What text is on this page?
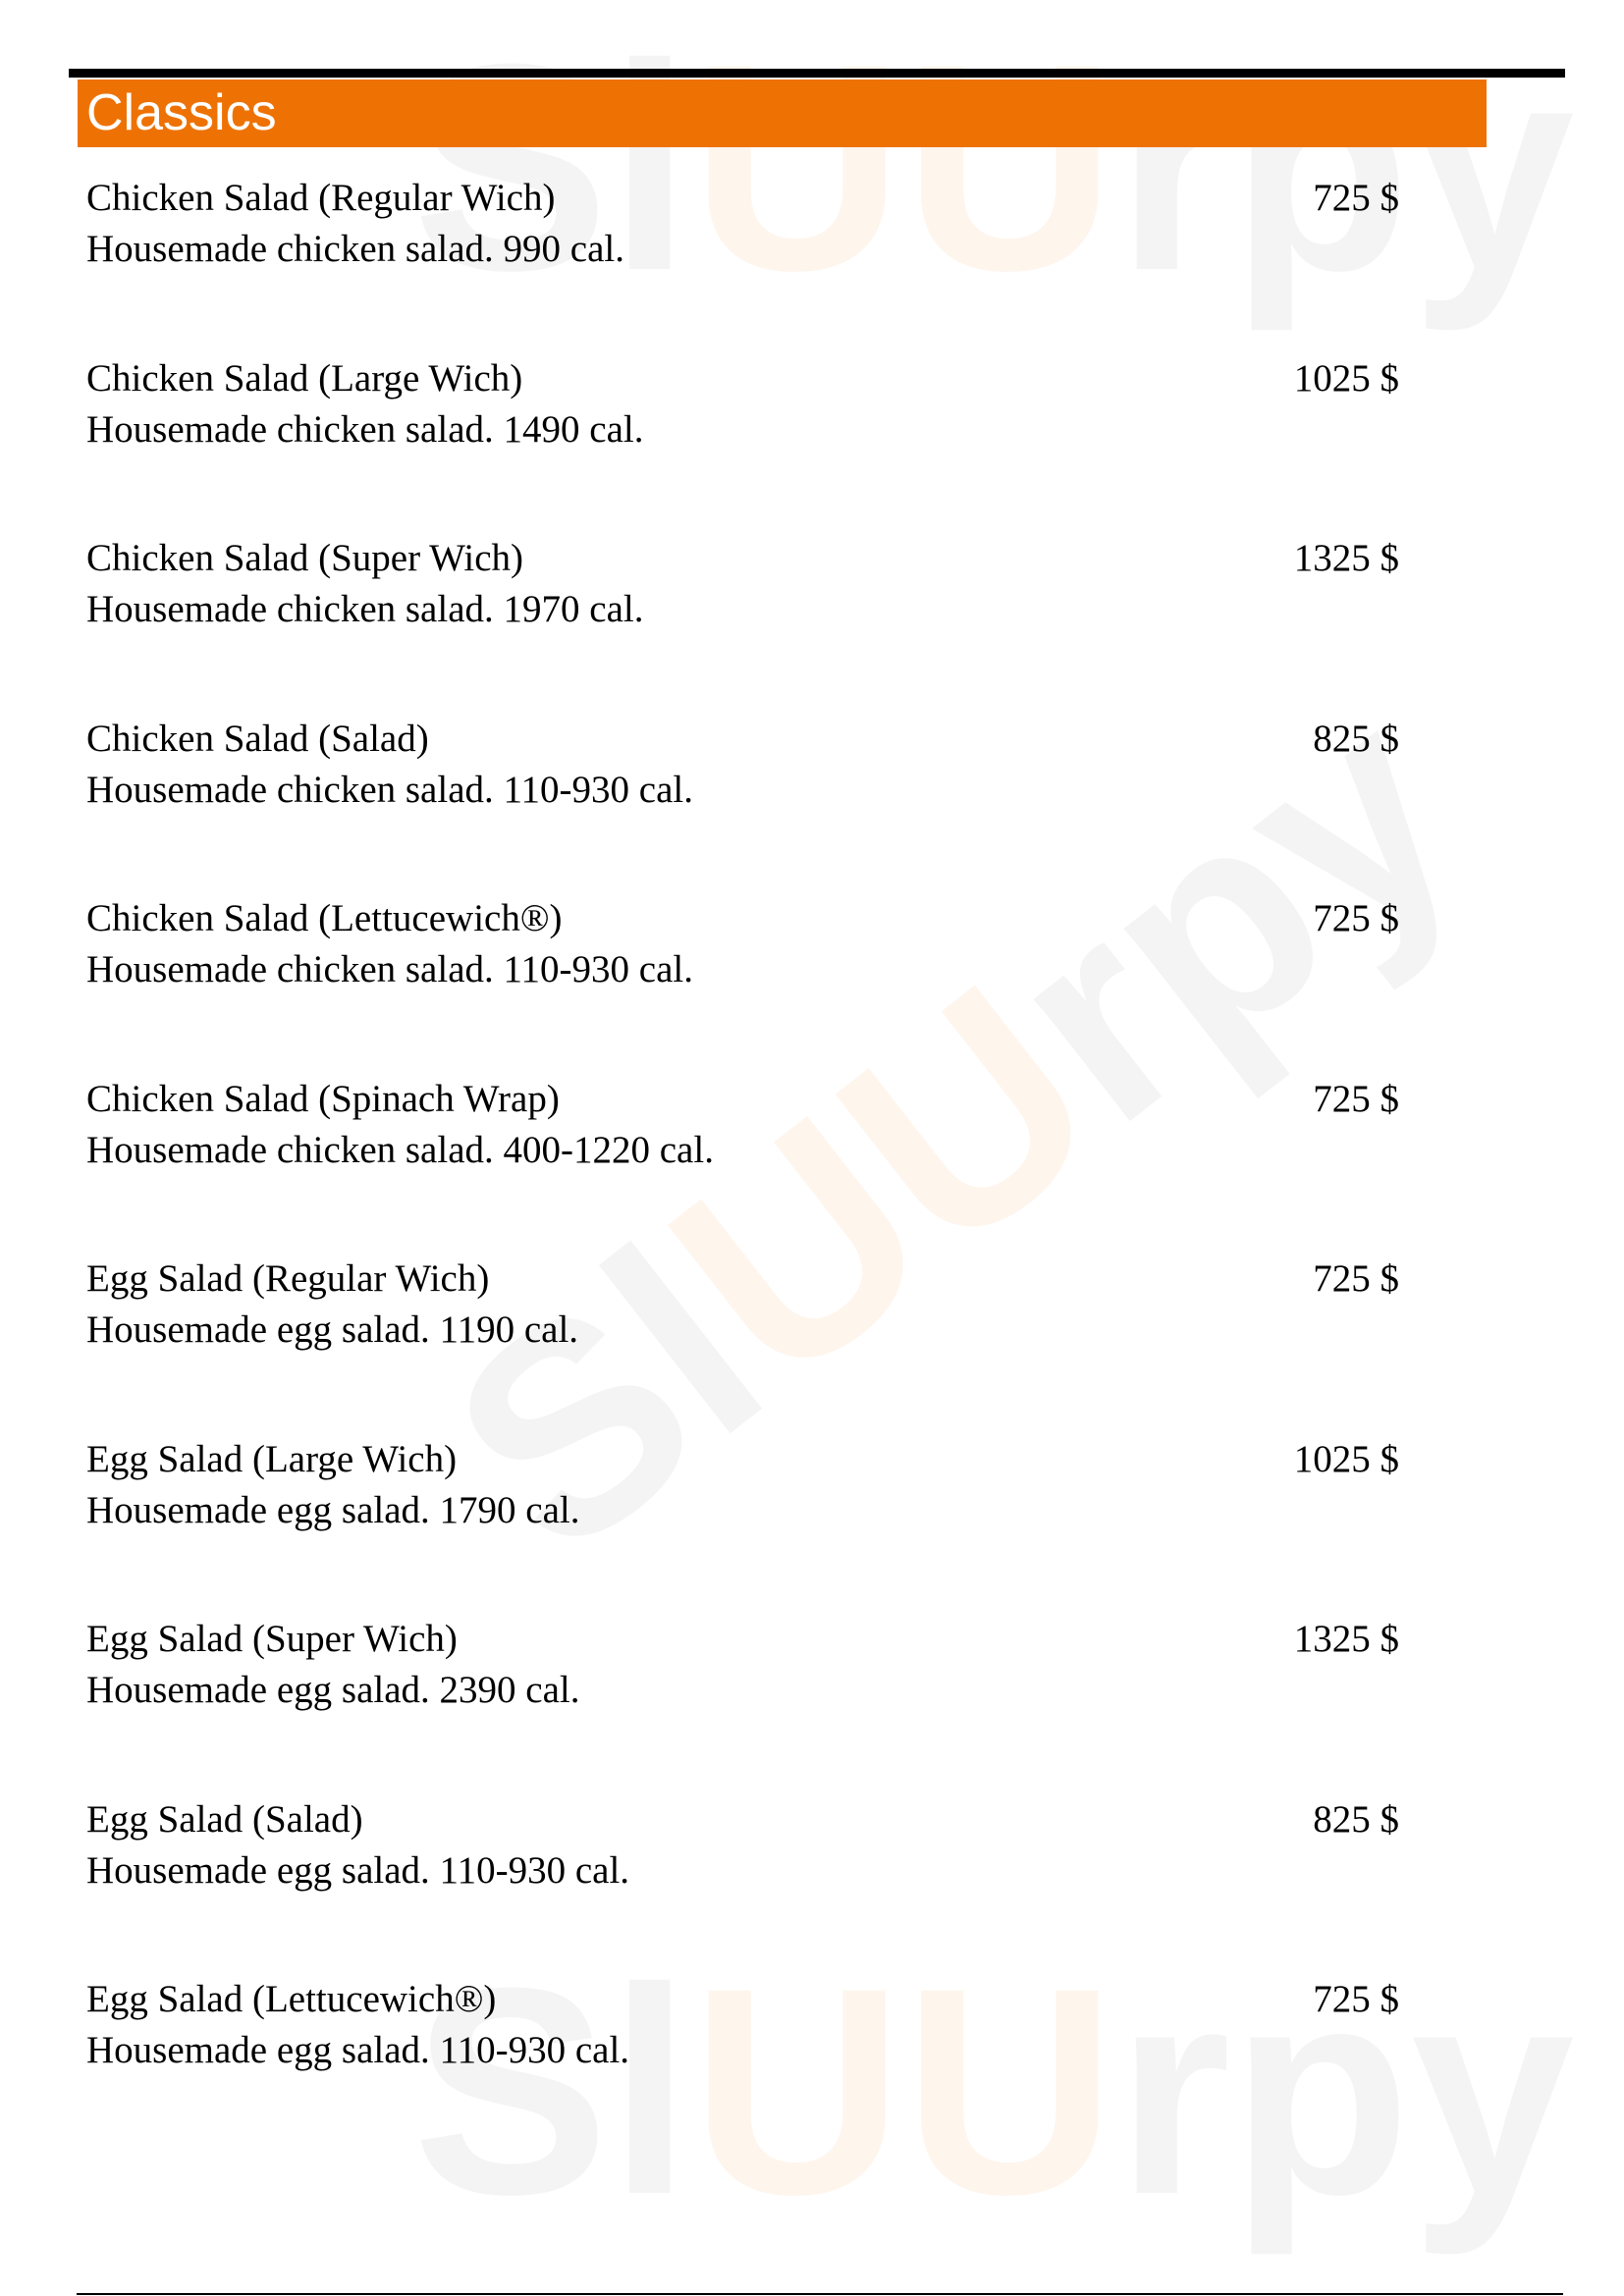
UU
UU
UU
Classics
Chicken Salad (Regular Wich)
Housemade chicken salad. 990 cal.
725 $
Chicken Salad (Large Wich)
Housemade chicken salad. 1490 cal.
1025 $
Chicken Salad (Super Wich)
Housemade chicken salad. 1970 cal.
1325 $
Chicken Salad (Salad)
Housemade chicken salad. 110-930 cal.
825 $
Chicken Salad (Lettucewich®)
Housemade chicken salad. 110-930 cal.
725 $
Chicken Salad (Spinach Wrap)
Housemade chicken salad. 400-1220 cal.
725 $
Egg Salad (Regular Wich)
Housemade egg salad. 1190 cal.
725 $
Egg Salad (Large Wich)
Housemade egg salad. 1790 cal.
1025 $
Egg Salad (Super Wich)
Housemade egg salad. 2390 cal.
1325 $
Egg Salad (Salad)
Housemade egg salad. 110-930 cal.
825 $
Egg Salad (Lettucewich®)
Housemade egg salad. 110-930 cal.
725 $
